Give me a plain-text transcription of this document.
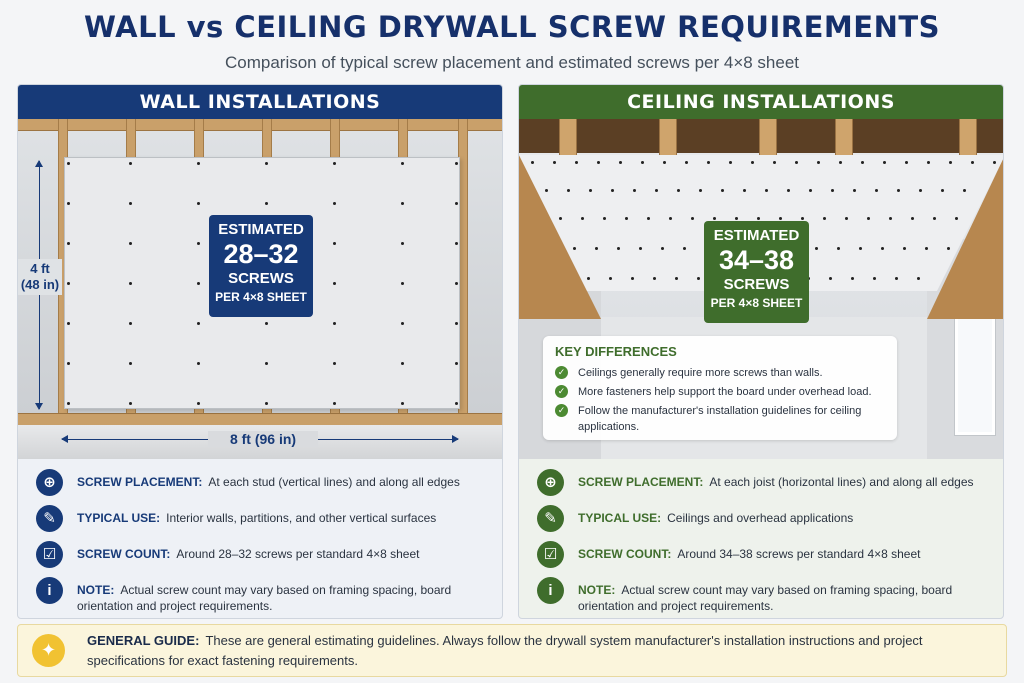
WALL vs CEILING DRYWALL SCREW REQUIREMENTS
Comparison of typical screw placement and estimated screws per 4×8 sheet
WALL INSTALLATIONS
4 ft
(48 in)
8 ft (96 in)
ESTIMATED
28–32
SCREWS
PER 4×8 SHEET
⊕	SCREW PLACEMENT: At each stud (vertical lines) and along all edges
✎	TYPICAL USE: Interior walls, partitions, and other vertical surfaces
☑	SCREW COUNT: Around 28–32 screws per standard 4×8 sheet
i	NOTE: Actual screw count may vary based on framing spacing, board orientation and project requirements.
CEILING INSTALLATIONS
ESTIMATED
34–38
SCREWS
PER 4×8 SHEET
KEY DIFFERENCES
✓ Ceilings generally require more screws than walls.
✓ More fasteners help support the board under overhead load.
✓ Follow the manufacturer's installation guidelines for ceiling applications.
⊕	SCREW PLACEMENT: At each joist (horizontal lines) and along all edges
✎	TYPICAL USE: Ceilings and overhead applications
☑	SCREW COUNT: Around 34–38 screws per standard 4×8 sheet
i	NOTE: Actual screw count may vary based on framing spacing, board orientation and project requirements.
✦	GENERAL GUIDE: These are general estimating guidelines. Always follow the drywall system manufacturer's installation instructions and project specifications for exact fastening requirements.
